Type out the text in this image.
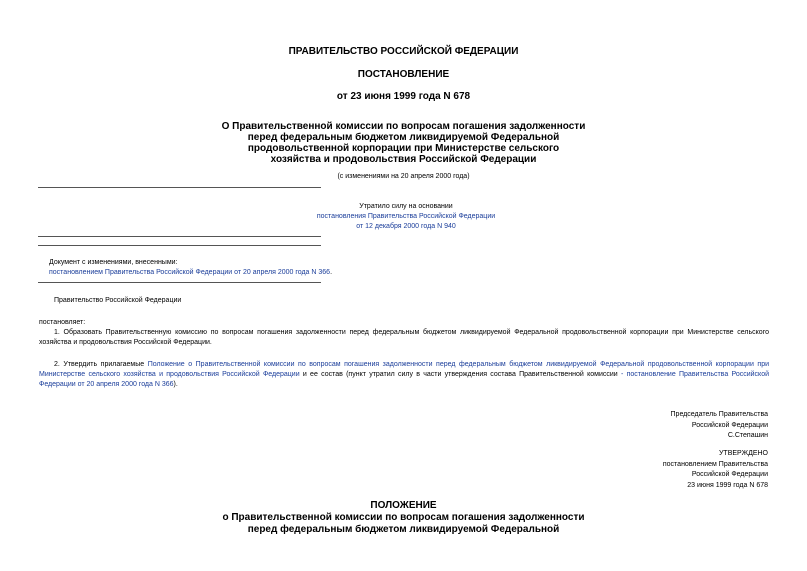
ПРАВИТЕЛЬСТВО РОССИЙСКОЙ ФЕДЕРАЦИИ
ПОСТАНОВЛЕНИЕ
от 23 июня 1999 года N 678
О Правительственной комиссии по вопросам погашения задолженности
перед федеральным бюджетом ликвидируемой Федеральной
продовольственной корпорации при Министерстве сельского
хозяйства и продовольствия Российской Федерации
(с изменениями на 20 апреля 2000 года)
Утратило силу на основании
постановления Правительства Российской Федерации
от 12 декабря 2000 года N 940
Документ с изменениями, внесенными:
постановлением Правительства Российской Федерации от 20 апреля 2000 года N 366.
Правительство Российской Федерации
постановляет:
1. Образовать Правительственную комиссию по вопросам погашения задолженности перед федеральным бюджетом ликвидируемой Федеральной продовольственной корпорации при Министерстве сельского хозяйства и продовольствия Российской Федерации.
2. Утвердить прилагаемые Положение о Правительственной комиссии по вопросам погашения задолженности перед федеральным бюджетом ликвидируемой Федеральной продовольственной корпорации при Министерстве сельского хозяйства и продовольствия Российской Федерации и ее состав (пункт утратил силу в части утверждения состава Правительственной комиссии - постановление Правительства Российской Федерации от 20 апреля 2000 года N 366).
Председатель Правительства
Российской Федерации
С.Степашин
УТВЕРЖДЕНО
постановлением Правительства
Российской Федерации
23 июня 1999 года N 678
ПОЛОЖЕНИЕ
о Правительственной комиссии по вопросам погашения задолженности
перед федеральным бюджетом ликвидируемой Федеральной
